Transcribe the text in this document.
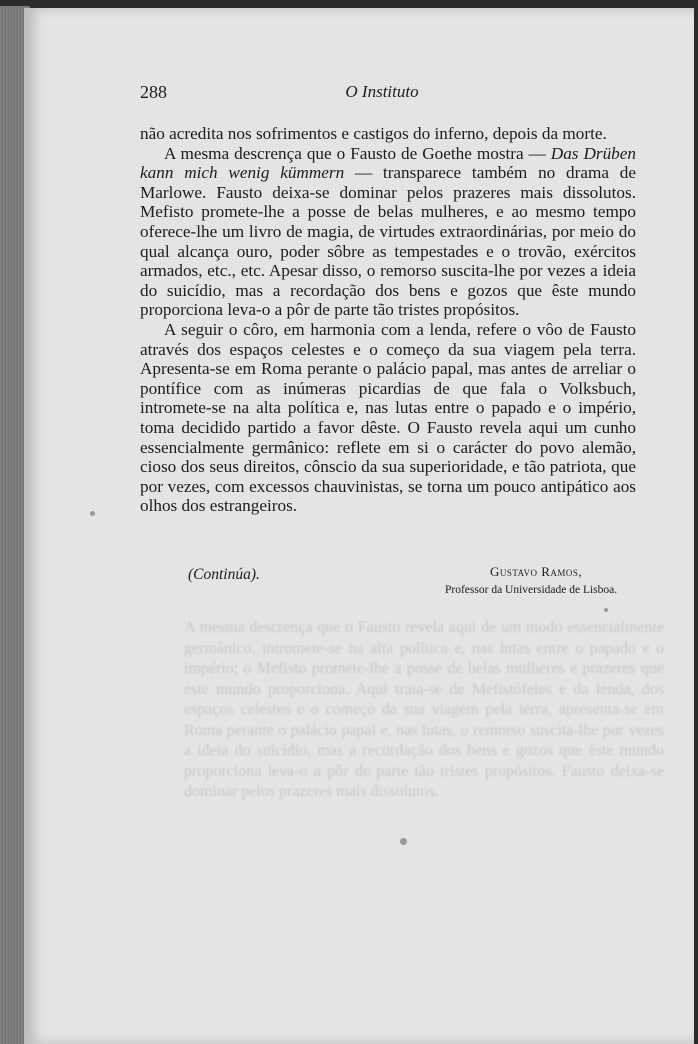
A mesma descrença que o Fausto revela aqui de um modo essencialmente germânico, intromete-se na alta política e, nas lutas entre o papado e o império; o Mefisto promete-lhe a posse de belas mulheres e prazeres que este mundo proporciona. Aqui trata-se de Mefistófeles e da lenda, dos espaços celestes e o começo da sua viagem pela terra, apresenta-se em Roma perante o palácio papal e, nas lutas, o remorso suscita-lhe por vezes a ideia do suicídio, mas a recordação dos bens e gozos que êste mundo proporciona leva-o a pôr de parte tão tristes propósitos. Fausto deixa-se dominar pelos prazeres mais dissolutos.
288	O Instituto

não acredita nos sofrimentos e castigos do inferno, depois da morte.

A mesma descrença que o Fausto de Goethe mostra — Das Drüben kann mich wenig kümmern — transparece também no drama de Marlowe. Fausto deixa-se dominar pelos prazeres mais dissolutos. Mefisto promete-lhe a posse de belas mulheres, e ao mesmo tempo oferece-lhe um livro de magia, de virtudes extraordinárias, por meio do qual alcança ouro, poder sôbre as tempestades e o trovão, exércitos armados, etc., etc. Apesar disso, o remorso suscita-lhe por vezes a ideia do suicídio, mas a recordação dos bens e gozos que êste mundo proporciona leva-o a pôr de parte tão tristes propósitos.

A seguir o côro, em harmonia com a lenda, refere o vôo de Fausto através dos espaços celestes e o começo da sua viagem pela terra. Apresenta-se em Roma perante o palácio papal, mas antes de arreliar o pontífice com as inúmeras picardias de que fala o Volksbuch, intromete-se na alta política e, nas lutas entre o papado e o império, toma decidido partido a favor dêste. O Fausto revela aqui um cunho essencialmente germânico: reflete em si o carácter do povo alemão, cioso dos seus direitos, cônscio da sua superioridade, e tão patriota, que por vezes, com excessos chauvinistas, se torna um pouco antipático aos olhos dos estrangeiros.

(Continúa).	Gustavo Ramos,
Professor da Universidade de Lisboa.
